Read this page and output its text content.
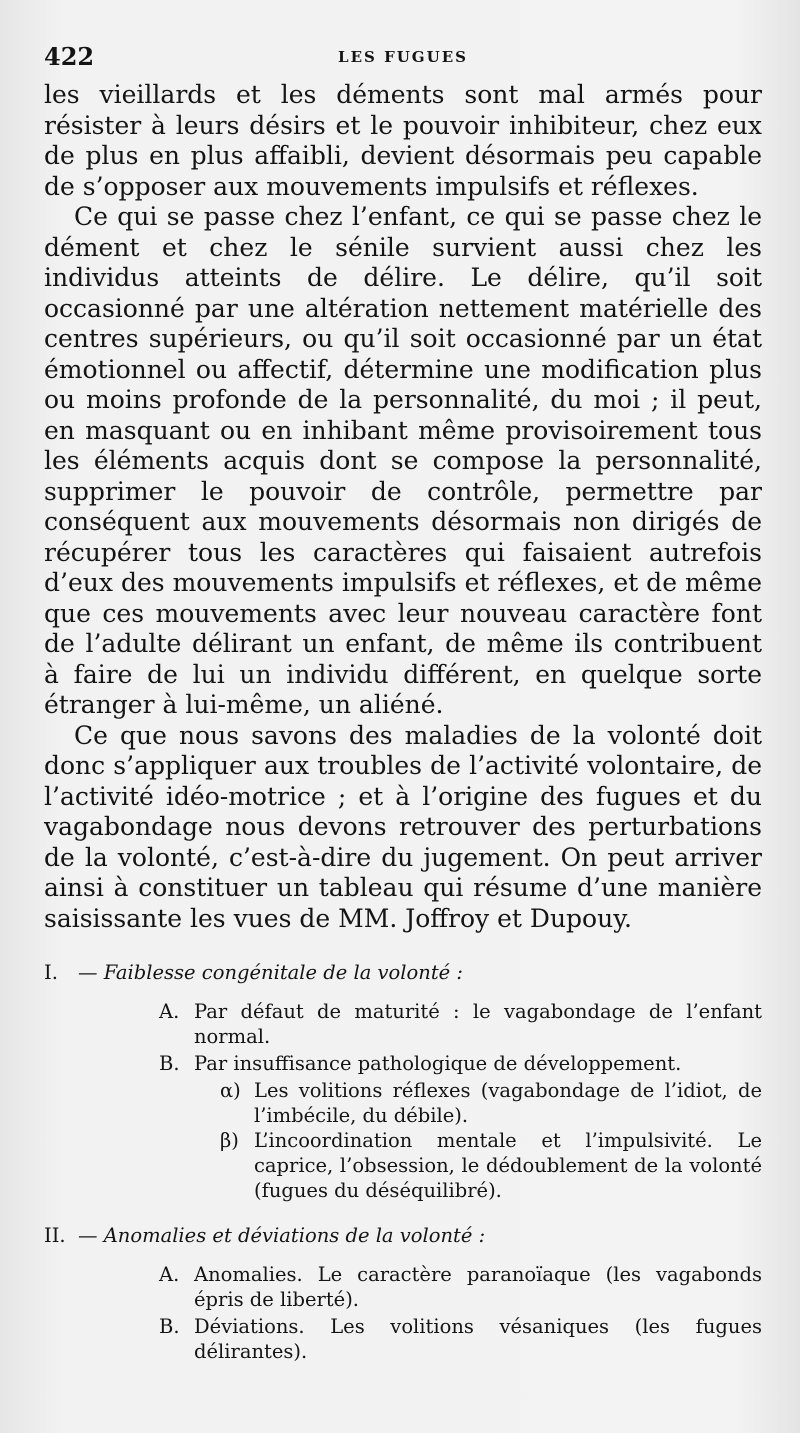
422	LES FUGUES

les vieillards et les déments sont mal armés pour résister à leurs désirs et le pouvoir inhibiteur, chez eux de plus en plus affaibli, devient désormais peu capable de s’opposer aux mouvements impulsifs et réflexes.

Ce qui se passe chez l’enfant, ce qui se passe chez le dément et chez le sénile survient aussi chez les individus atteints de délire. Le délire, qu’il soit occasionné par une altération nettement matérielle des centres supérieurs, ou qu’il soit occasionné par un état émotionnel ou affectif, détermine une modification plus ou moins profonde de la personnalité, du moi ; il peut, en masquant ou en inhibant même provisoirement tous les éléments acquis dont se compose la personnalité, supprimer le pouvoir de contrôle, permettre par conséquent aux mouvements désormais non dirigés de récupérer tous les caractères qui faisaient autrefois d’eux des mouvements impulsifs et réflexes, et de même que ces mouvements avec leur nouveau caractère font de l’adulte délirant un enfant, de même ils contribuent à faire de lui un individu différent, en quelque sorte étranger à lui-même, un aliéné.

Ce que nous savons des maladies de la volonté doit donc s’appliquer aux troubles de l’activité volontaire, de l’activité idéo-motrice ; et à l’origine des fugues et du vagabondage nous devons retrouver des perturbations de la volonté, c’est-à-dire du jugement. On peut arriver ainsi à constituer un tableau qui résume d’une manière saisissante les vues de MM. Joffroy et Dupouy.

I.	— Faiblesse congénitale de la volonté :
A. Par défaut de maturité : le vagabondage de l’enfant normal.
B. Par insuffisance pathologique de développement.
α) Les volitions réflexes (vagabondage de l’idiot, de l’imbécile, du débile).
β) L’incoordination mentale et l’impulsivité. Le caprice, l’obsession, le dédoublement de la volonté (fugues du déséquilibré).
II. — Anomalies et déviations de la volonté :
A. Anomalies. Le caractère paranoïaque (les vagabonds épris de liberté).
B. Déviations. Les volitions vésaniques (les fugues délirantes).
